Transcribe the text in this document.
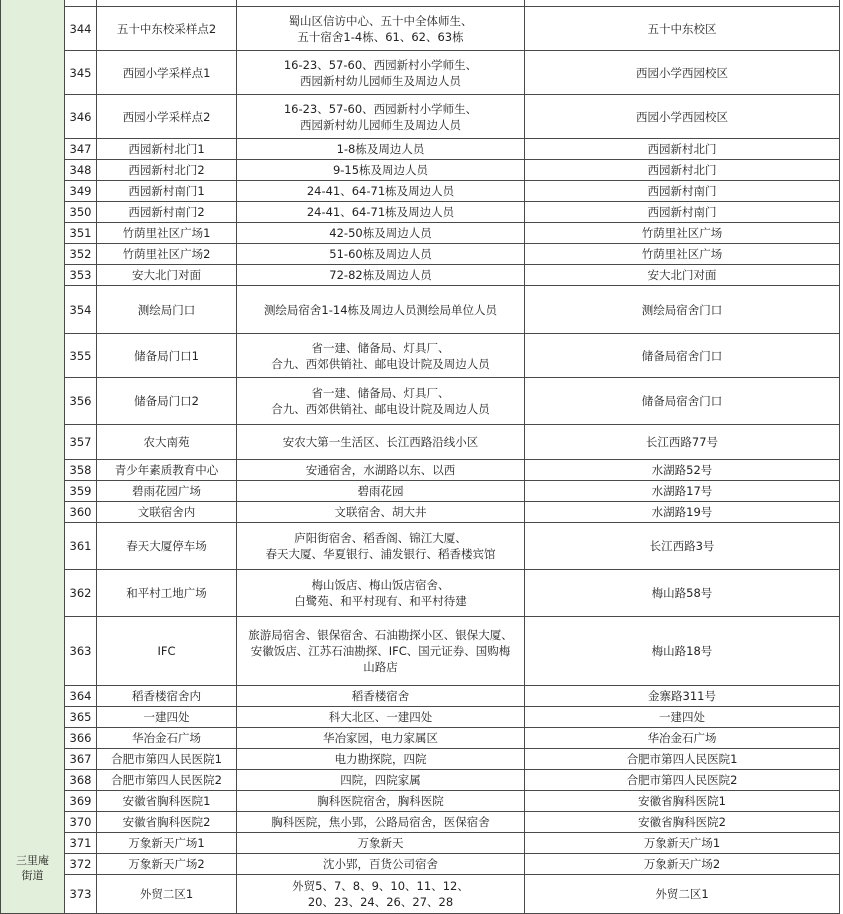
三里庵
街道				

	344	五十中东校采样点2	蜀山区信访中心、五十中全体师生、
五十宿舍1-4栋、61、62、63栋	五十中东校区
	345	西园小学采样点1	16-23、57-60、西园新村小学师生、
西园新村幼儿园师生及周边人员	西园小学西园校区
	346	西园小学采样点2	16-23、57-60、西园新村小学师生、
西园新村幼儿园师生及周边人员	西园小学西园校区
	347	西园新村北门1	1-8栋及周边人员	西园新村北门
	348	西园新村北门2	9-15栋及周边人员	西园新村北门
	349	西园新村南门1	24-41、64-71栋及周边人员	西园新村南门
	350	西园新村南门2	24-41、64-71栋及周边人员	西园新村南门
	351	竹荫里社区广场1	42-50栋及周边人员	竹荫里社区广场
	352	竹荫里社区广场2	51-60栋及周边人员	竹荫里社区广场
	353	安大北门对面	72-82栋及周边人员	安大北门对面
	354	测绘局门口	测绘局宿舍1-14栋及周边人员测绘局单位人员	测绘局宿舍门口
	355	储备局门口1	省一建、储备局、灯具厂、
合九、西郊供销社、邮电设计院及周边人员	储备局宿舍门口
	356	储备局门口2	省一建、储备局、灯具厂、
合九、西郊供销社、邮电设计院及周边人员	储备局宿舍门口
	357	农大南苑	安农大第一生活区、长江西路沿线小区	长江西路77号
	358	青少年素质教育中心	安通宿舍，水湖路以东、以西	水湖路52号
	359	碧雨花园广场	碧雨花园	水湖路17号
	360	文联宿舍内	文联宿舍、胡大井	水湖路19号
	361	春天大厦停车场	庐阳街宿舍、稻香阁、锦江大厦、
春天大厦、华夏银行、浦发银行、稻香楼宾馆	长江西路3号
	362	和平村工地广场	梅山饭店、梅山饭店宿舍、
白鹭苑、和平村现有、和平村待建	梅山路58号
	363	IFC	旅游局宿舍、银保宿舍、石油勘探小区、银保大厦、
安徽饭店、江苏石油勘探、IFC、国元证券、国购梅
山路店	梅山路18号
	364	稻香楼宿舍内	稻香楼宿舍	金寨路311号
	365	一建四处	科大北区、一建四处	一建四处
	366	华冶金石广场	华冶家园，电力家属区	华冶金石广场
	367	合肥市第四人民医院1	电力勘探院，四院	合肥市第四人民医院1
	368	合肥市第四人民医院2	四院，四院家属	合肥市第四人民医院2
	369	安徽省胸科医院1	胸科医院宿舍，胸科医院	安徽省胸科医院1
	370	安徽省胸科医院2	胸科医院，焦小郢，公路局宿舍，医保宿舍	安徽省胸科医院2
	371	万象新天广场1	万象新天	万象新天广场1
	372	万象新天广场2	沈小郢，百货公司宿舍	万象新天广场2
	373	外贸二区1	外贸5、7、8、9、10、11、12、
20、23、24、26、27、28	外贸二区1
